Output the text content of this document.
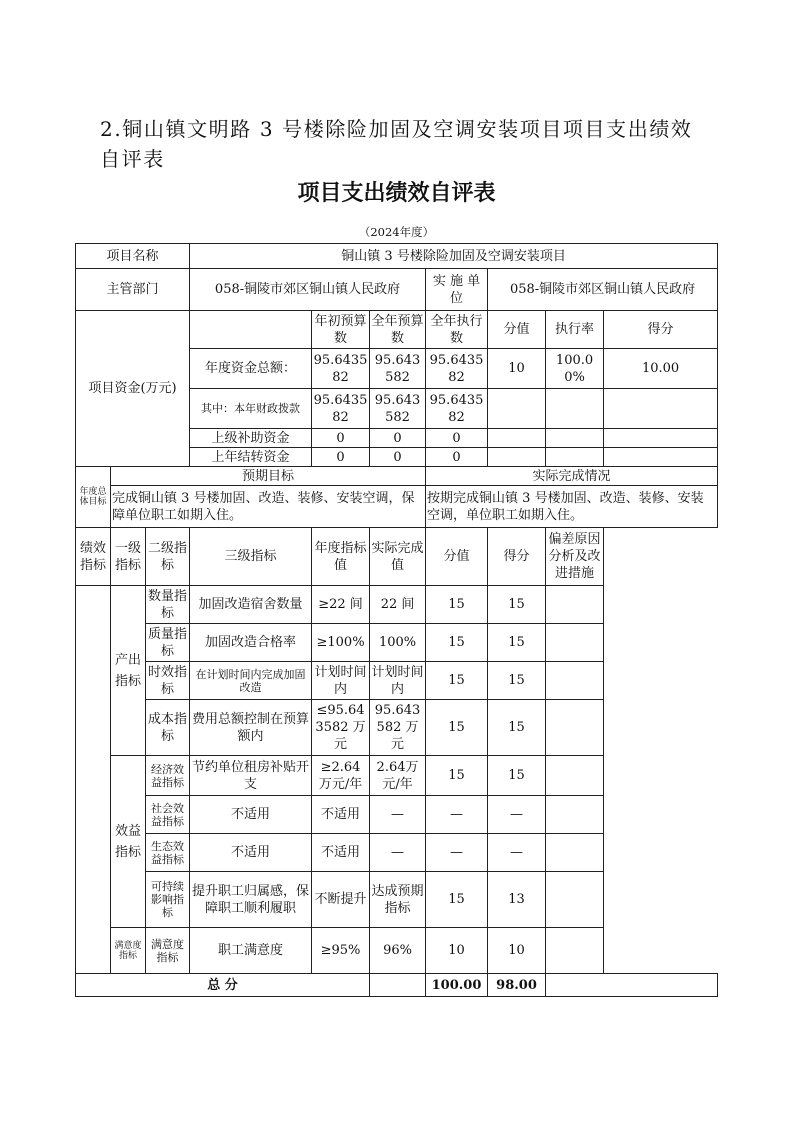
2.铜山镇文明路 3 号楼除险加固及空调安装项目项目支出绩效自评表
项目支出绩效自评表
（2024年度）
项目名称			铜山镇 3 号楼除险加固及空调安装项目						
主管部门			058-铜陵市郊区铜山镇人民政府			实 施 单 位	058-铜陵市郊区铜山镇人民政府		
项目资金(万元)				年初预算数	全年预算数	全年执行数	分值	执行率	得分
			年度资金总额：	95.643582	95.643582	95.643582	10	100.00%	10.00
			其中：本年财政拨款	95.643582	95.643582	95.643582			
			上级补助资金	0	0	0			
			上年结转资金	0	0	0			
年度总体目标	预期目标					实际完成情况			
	完成铜山镇 3 号楼加固、改造、装修、安装空调，保障单位职工如期入住。					按期完成铜山镇 3 号楼加固、改造、装修、安装空调，单位职工如期入住。			
绩效指标	一级指标	二级指标	三级指标	年度指标值	实际完成值	分值	得分	偏差原因分析及改进措施	
	产出指标	数量指标	加固改造宿舍数量	≥22 间	22 间	15	15		
		质量指标	加固改造合格率	≥100%	100%	15	15		
		时效指标	在计划时间内完成加固改造	计划时间内	计划时间内	15	15		
		成本指标	费用总额控制在预算额内	≤95.643582 万元	95.643582 万元	15	15		
	效益指标	经济效益指标	节约单位租房补贴开支	≥2.64 万元/年	2.64万元/年	15	15		
		社会效益指标	不适用	不适用	—	—	—		
		生态效益指标	不适用	不适用	—	—	—		
		可持续影响指标	提升职工归属感，保障职工顺利履职	不断提升	达成预期指标	15	13		
	满意度指标	满意度指标	职工满意度	≥95%	96%	10	10		
总 分						100.00	98.00		
